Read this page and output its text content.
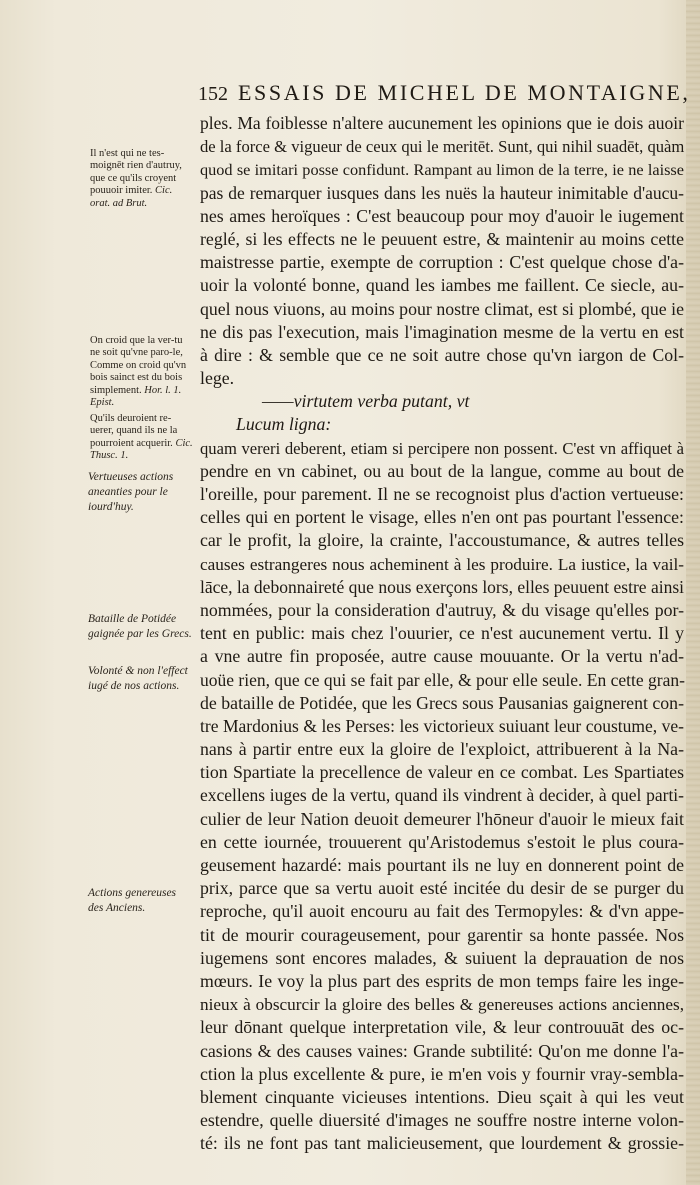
152 ESSAIS DE MICHEL DE MONTAIGNE,
Il n'est qui ne tes-moignēt rien d'autruy, que ce qu'ils croyent pouuoir imiter. Cic. orat. ad Brut.
On croid que la ver-tu ne soit qu'vne paro-le, Comme on croid qu'vn bois sainct est du bois simplement. Hor. l. 1. Epist.
Qu'ils deuroient re-uerer, quand ils ne la pourroient acquerir. Cic. Thusc. 1.
Vertueuses actions aneanties pour le iourd'huy.
Bataille de Potidée gaignée par les Grecs.
Volonté & non l'effect iugé de nos actions.
Actions genereuses des Anciens.
ples. Ma foiblesse n'altere aucunement les opinions que ie dois auoir
de la force & vigueur de ceux qui le meritēt. Sunt, qui nihil suadēt, quàm
quod se imitari posse confidunt. Rampant au limon de la terre, ie ne laisse
pas de remarquer iusques dans les nuës la hauteur inimitable d'aucu-
nes ames heroïques : C'est beaucoup pour moy d'auoir le iugement
reglé, si les effects ne le peuuent estre, & maintenir au moins cette
maistresse partie, exempte de corruption : C'est quelque chose d'a-
uoir la volonté bonne, quand les iambes me faillent. Ce siecle, au-
quel nous viuons, au moins pour nostre climat, est si plombé, que ie
ne dis pas l'execution, mais l'imagination mesme de la vertu en est
à dire : & semble que ce ne soit autre chose qu'vn iargon de Col-
lege.
——virtutem verba putant, vt
Lucum ligna:
quam vereri deberent, etiam si percipere non possent. C'est vn affiquet à
pendre en vn cabinet, ou au bout de la langue, comme au bout de
l'oreille, pour parement. Il ne se recognoist plus d'action vertueuse:
celles qui en portent le visage, elles n'en ont pas pourtant l'essence:
car le profit, la gloire, la crainte, l'accoustumance, & autres telles
causes estrangeres nous acheminent à les produire. La iustice, la vail-
lāce, la debonnaireté que nous exerçons lors, elles peuuent estre ainsi
nommées, pour la consideration d'autruy, & du visage qu'elles por-
tent en public: mais chez l'ouurier, ce n'est aucunement vertu. Il y
a vne autre fin proposée, autre cause mouuante. Or la vertu n'ad-
uoüe rien, que ce qui se fait par elle, & pour elle seule. En cette gran-
de bataille de Potidée, que les Grecs sous Pausanias gaignerent con-
tre Mardonius & les Perses: les victorieux suiuant leur coustume, ve-
nans à partir entre eux la gloire de l'exploict, attribuerent à la Na-
tion Spartiate la precellence de valeur en ce combat. Les Spartiates
excellens iuges de la vertu, quand ils vindrent à decider, à quel parti-
culier de leur Nation deuoit demeurer l'hōneur d'auoir le mieux fait
en cette iournée, trouuerent qu'Aristodemus s'estoit le plus coura-
geusement hazardé: mais pourtant ils ne luy en donnerent point de
prix, parce que sa vertu auoit esté incitée du desir de se purger du
reproche, qu'il auoit encouru au fait des Termopyles: & d'vn appe-
tit de mourir courageusement, pour garentir sa honte passée. Nos
iugemens sont encores malades, & suiuent la deprauation de nos
mœurs. Ie voy la plus part des esprits de mon temps faire les inge-
nieux à obscurcir la gloire des belles & genereuses actions anciennes,
leur dōnant quelque interpretation vile, & leur controuuāt des oc-
casions & des causes vaines: Grande subtilité: Qu'on me donne l'a-
ction la plus excellente & pure, ie m'en vois y fournir vray-sembla-
blement cinquante vicieuses intentions. Dieu sçait à qui les veut
estendre, quelle diuersité d'images ne souffre nostre interne volon-
té: ils ne font pas tant malicieusement, que lourdement & grossie-
